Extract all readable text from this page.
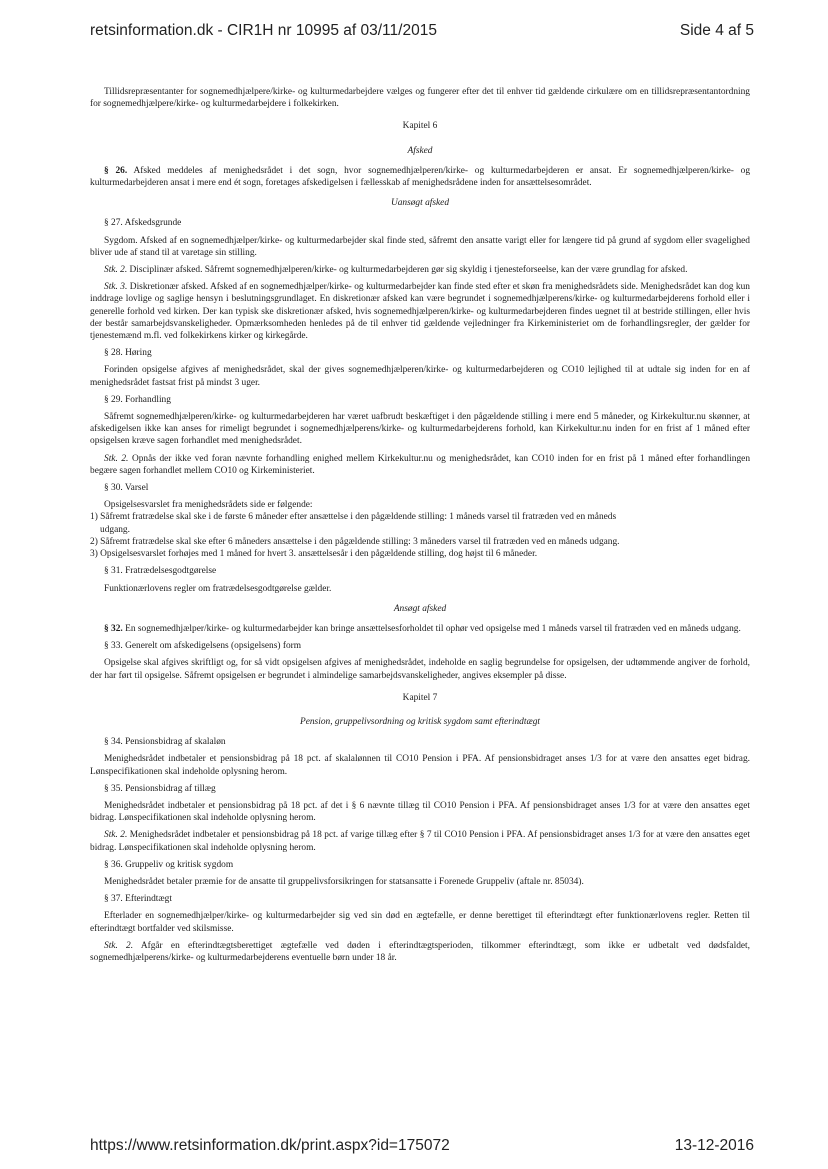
retsinformation.dk - CIR1H nr 10995 af 03/11/2015	Side 4 af 5

Tillidsrepræsentanter for sognemedhjælpere/kirke- og kulturmedarbejdere vælges og fungerer efter det til enhver tid gældende cirkulære om en tillidsrepræsentantordning for sognemedhjælpere/kirke- og kulturmedarbejdere i folkekirken.

Kapitel 6
Afsked

§ 26. Afsked meddeles af menighedsrådet i det sogn, hvor sognemedhjælperen/kirke- og kulturmedarbejderen er ansat. Er sognemedhjælperen/kirke- og kulturmedarbejderen ansat i mere end ét sogn, foretages afskedigelsen i fællesskab af menighedsrådene inden for ansættelsesområdet.

Uansøgt afsked
§ 27. Afskedsgrunde

Sygdom. Afsked af en sognemedhjælper/kirke- og kulturmedarbejder skal finde sted, såfremt den ansatte varigt eller for længere tid på grund af sygdom eller svagelighed bliver ude af stand til at varetage sin stilling.

Stk. 2. Disciplinær afsked. Såfremt sognemedhjælperen/kirke- og kulturmedarbejderen gør sig skyldig i tjenesteforseelse, kan der være grundlag for afsked.

Stk. 3. Diskretionær afsked. Afsked af en sognemedhjælper/kirke- og kulturmedarbejder kan finde sted efter et skøn fra menighedsrådets side. Menighedsrådet kan dog kun inddrage lovlige og saglige hensyn i beslutningsgrundlaget. En diskretionær afsked kan være begrundet i sognemedhjælperens/kirke- og kulturmedarbejderens forhold eller i generelle forhold ved kirken. Der kan typisk ske diskretionær afsked, hvis sognemedhjælperen/kirke- og kulturmedarbejderen findes uegnet til at bestride stillingen, eller hvis der består samarbejdsvanskeligheder. Opmærksomheden henledes på de til enhver tid gældende vejledninger fra Kirkeministeriet om de forhandlingsregler, der gælder for tjenestemænd m.fl. ved folkekirkens kirker og kirkegårde.

§ 28. Høring

Forinden opsigelse afgives af menighedsrådet, skal der gives sognemedhjælperen/kirke- og kulturmedarbejderen og CO10 lejlighed til at udtale sig inden for en af menighedsrådet fastsat frist på mindst 3 uger.

§ 29. Forhandling

Såfremt sognemedhjælperen/kirke- og kulturmedarbejderen har været uafbrudt beskæftiget i den pågældende stilling i mere end 5 måneder, og Kirkekultur.nu skønner, at afskedigelsen ikke kan anses for rimeligt begrundet i sognemedhjælperens/kirke- og kulturmedarbejderens forhold, kan Kirkekultur.nu inden for en frist af 1 måned efter opsigelsen kræve sagen forhandlet med menighedsrådet.

Stk. 2. Opnås der ikke ved foran nævnte forhandling enighed mellem Kirkekultur.nu og menighedsrådet, kan CO10 inden for en frist på 1 måned efter forhandlingen begære sagen forhandlet mellem CO10 og Kirkeministeriet.

§ 30. Varsel
Opsigelsesvarslet fra menighedsrådets side er følgende:
1) Såfremt fratrædelse skal ske i de første 6 måneder efter ansættelse i den pågældende stilling: 1 måneds varsel til fratræden ved en måneds
udgang.
2) Såfremt fratrædelse skal ske efter 6 måneders ansættelse i den pågældende stilling: 3 måneders varsel til fratræden ved en måneds udgang.
3) Opsigelsesvarslet forhøjes med 1 måned for hvert 3. ansættelsesår i den pågældende stilling, dog højst til 6 måneder.
§ 31. Fratrædelsesgodtgørelse

Funktionærlovens regler om fratrædelsesgodtgørelse gælder.

Ansøgt afsked

§ 32. En sognemedhjælper/kirke- og kulturmedarbejder kan bringe ansættelsesforholdet til ophør ved opsigelse med 1 måneds varsel til fratræden ved en måneds udgang.

§ 33. Generelt om afskedigelsens (opsigelsens) form

Opsigelse skal afgives skriftligt og, for så vidt opsigelsen afgives af menighedsrådet, indeholde en saglig begrundelse for opsigelsen, der udtømmende angiver de forhold, der har ført til opsigelse. Såfremt opsigelsen er begrundet i almindelige samarbejdsvanskeligheder, angives eksempler på disse.

Kapitel 7
Pension, gruppelivsordning og kritisk sygdom samt efterindtægt
§ 34. Pensionsbidrag af skalaløn

Menighedsrådet indbetaler et pensionsbidrag på 18 pct. af skalalønnen til CO10 Pension i PFA. Af pensionsbidraget anses 1/3 for at være den ansattes eget bidrag. Lønspecifikationen skal indeholde oplysning herom.

§ 35. Pensionsbidrag af tillæg

Menighedsrådet indbetaler et pensionsbidrag på 18 pct. af det i § 6 nævnte tillæg til CO10 Pension i PFA. Af pensionsbidraget anses 1/3 for at være den ansattes eget bidrag. Lønspecifikationen skal indeholde oplysning herom.

Stk. 2. Menighedsrådet indbetaler et pensionsbidrag på 18 pct. af varige tillæg efter § 7 til CO10 Pension i PFA. Af pensionsbidraget anses 1/3 for at være den ansattes eget bidrag. Lønspecifikationen skal indeholde oplysning herom.

§ 36. Gruppeliv og kritisk sygdom

Menighedsrådet betaler præmie for de ansatte til gruppelivsforsikringen for statsansatte i Forenede Gruppeliv (aftale nr. 85034).

§ 37. Efterindtægt

Efterlader en sognemedhjælper/kirke- og kulturmedarbejder sig ved sin død en ægtefælle, er denne berettiget til efterindtægt efter funktionærlovens regler. Retten til efterindtægt bortfalder ved skilsmisse.

Stk. 2. Afgår en efterindtægtsberettiget ægtefælle ved døden i efterindtægtsperioden, tilkommer efterindtægt, som ikke er udbetalt ved dødsfaldet, sognemedhjælperens/kirke- og kulturmedarbejderens eventuelle børn under 18 år.

https://www.retsinformation.dk/print.aspx?id=175072	13-12-2016
